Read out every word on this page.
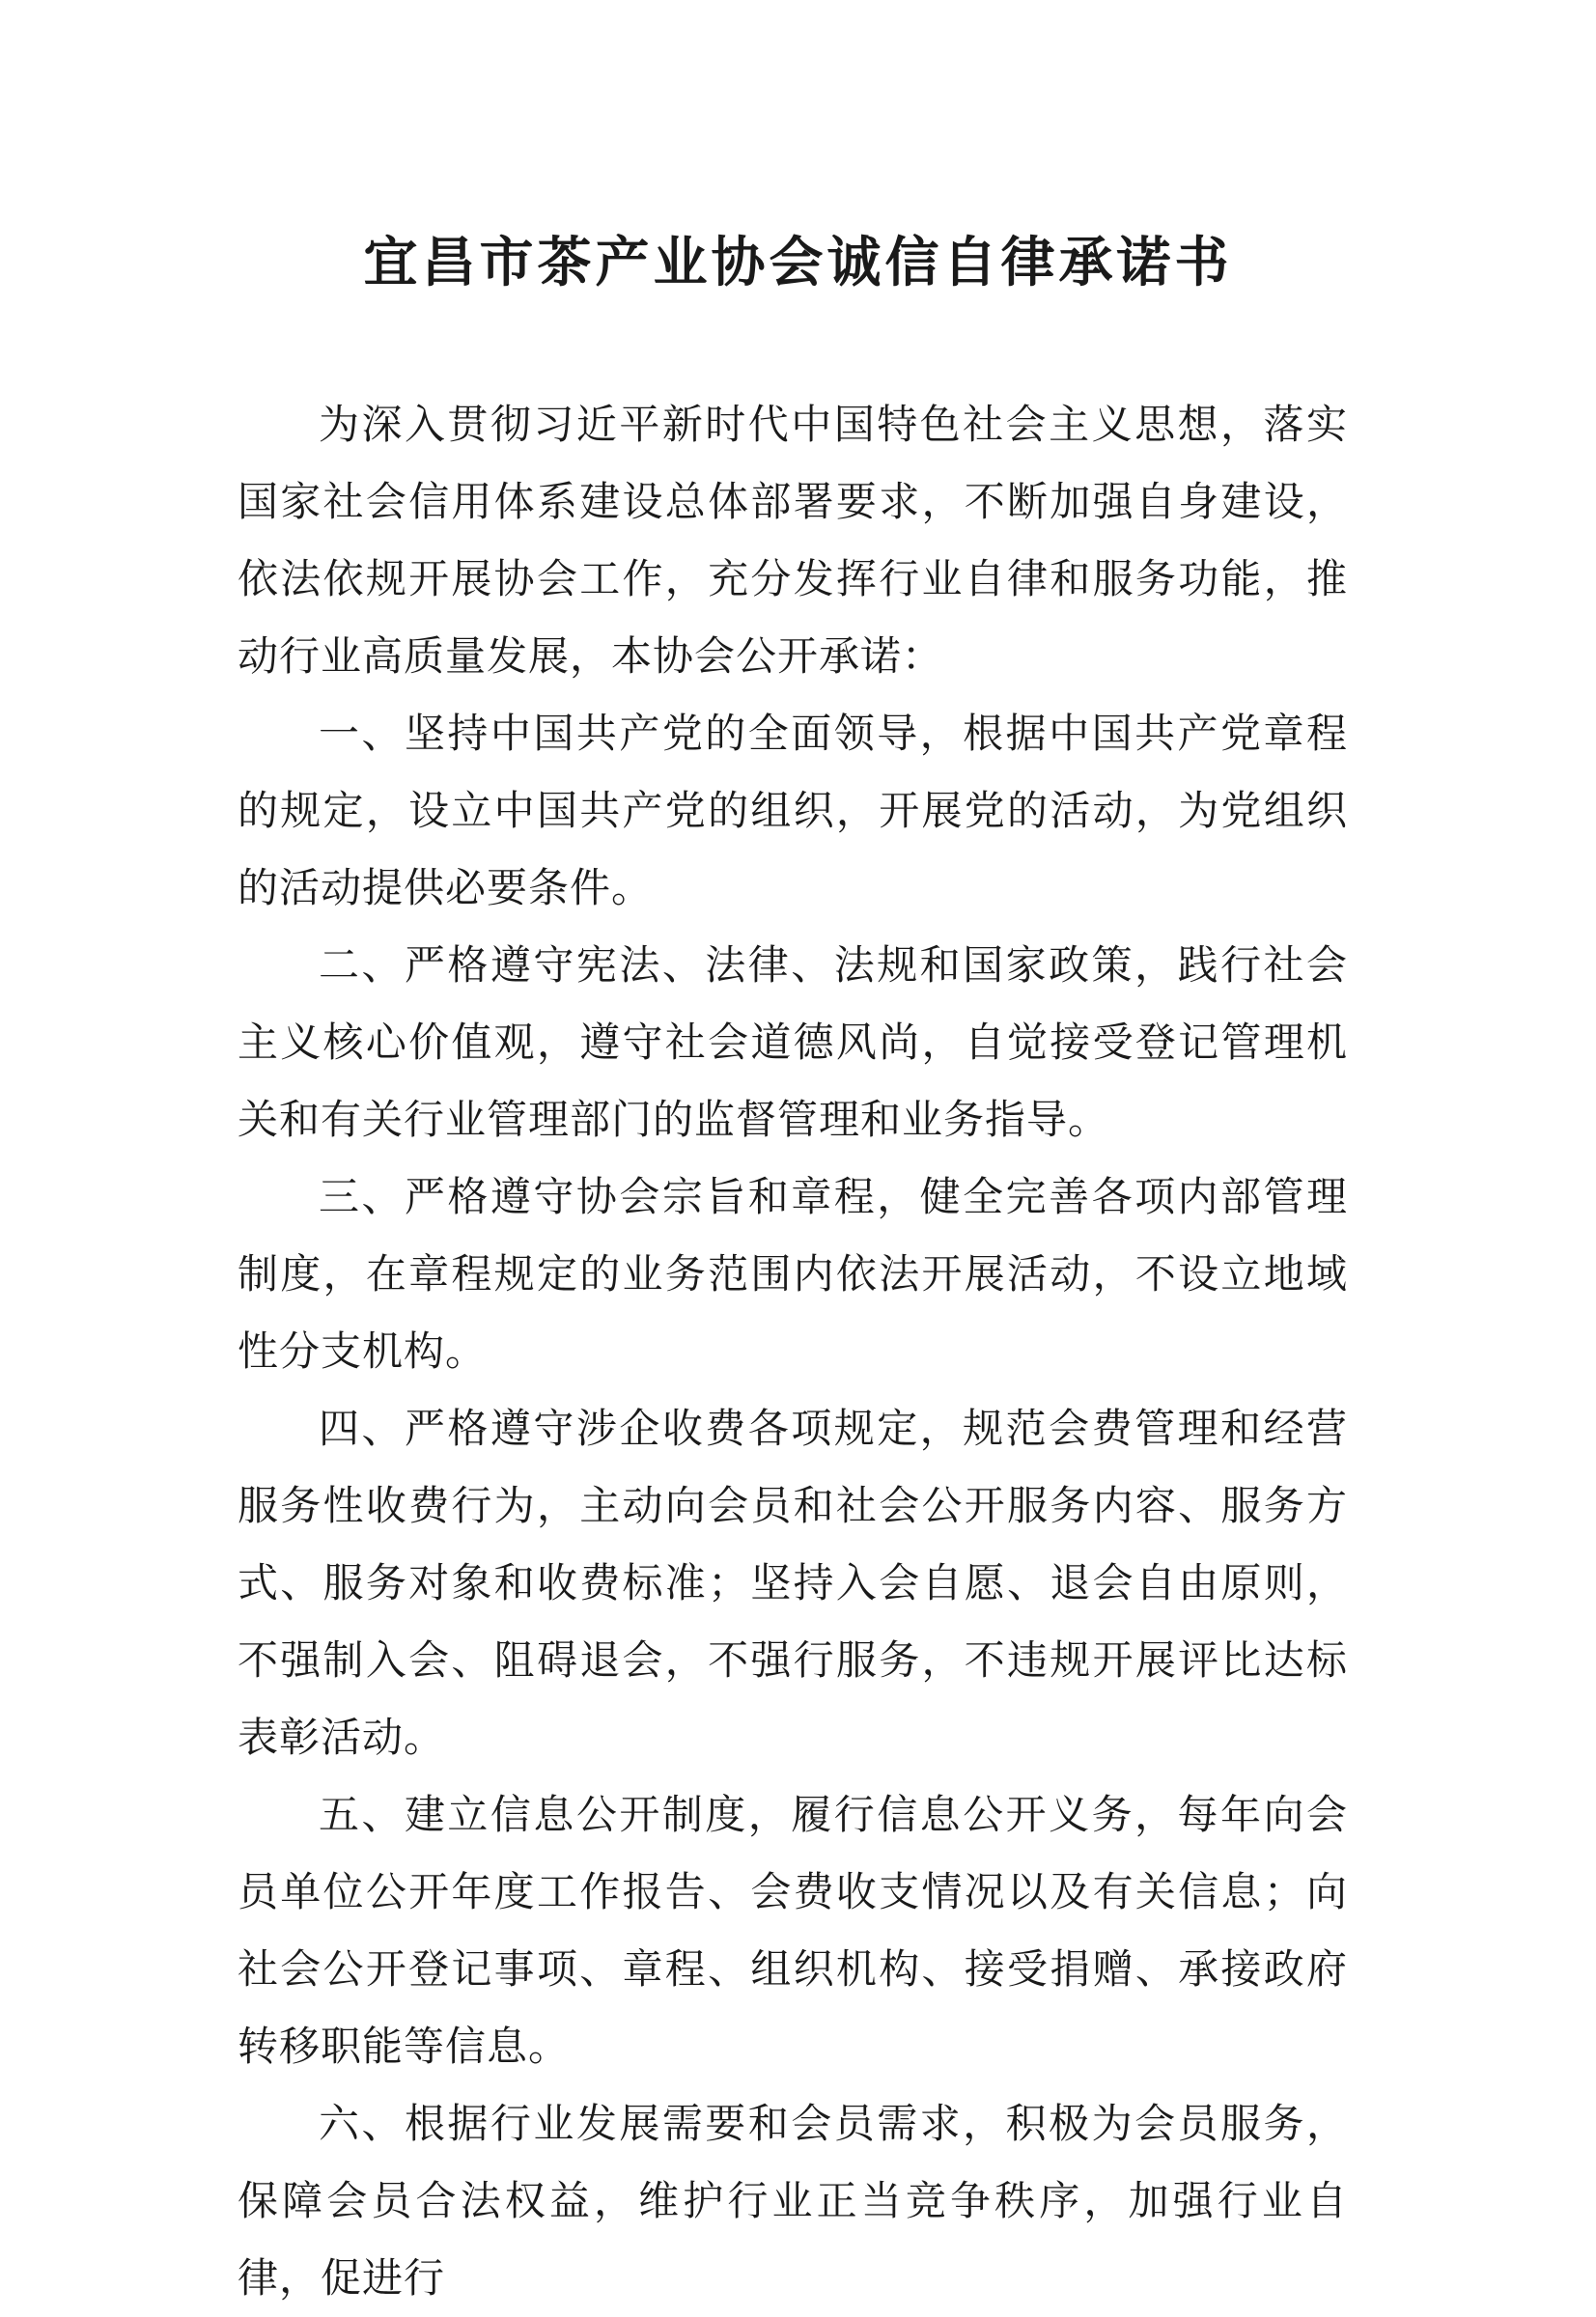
宜昌市茶产业协会诚信自律承诺书

为深入贯彻习近平新时代中国特色社会主义思想，落实国家社会信用体系建设总体部署要求，不断加强自身建设，依法依规开展协会工作，充分发挥行业自律和服务功能，推动行业高质量发展，本协会公开承诺：

一、坚持中国共产党的全面领导，根据中国共产党章程的规定，设立中国共产党的组织，开展党的活动，为党组织的活动提供必要条件。

二、严格遵守宪法、法律、法规和国家政策，践行社会主义核心价值观，遵守社会道德风尚，自觉接受登记管理机关和有关行业管理部门的监督管理和业务指导。

三、严格遵守协会宗旨和章程，健全完善各项内部管理制度，在章程规定的业务范围内依法开展活动，不设立地域性分支机构。

四、严格遵守涉企收费各项规定，规范会费管理和经营服务性收费行为，主动向会员和社会公开服务内容、服务方式、服务对象和收费标准；坚持入会自愿、退会自由原则，不强制入会、阻碍退会，不强行服务，不违规开展评比达标表彰活动。

五、建立信息公开制度，履行信息公开义务，每年向会员单位公开年度工作报告、会费收支情况以及有关信息；向社会公开登记事项、章程、组织机构、接受捐赠、承接政府转移职能等信息。

六、根据行业发展需要和会员需求，积极为会员服务，保障会员合法权益，维护行业正当竞争秩序，加强行业自律，促进行
